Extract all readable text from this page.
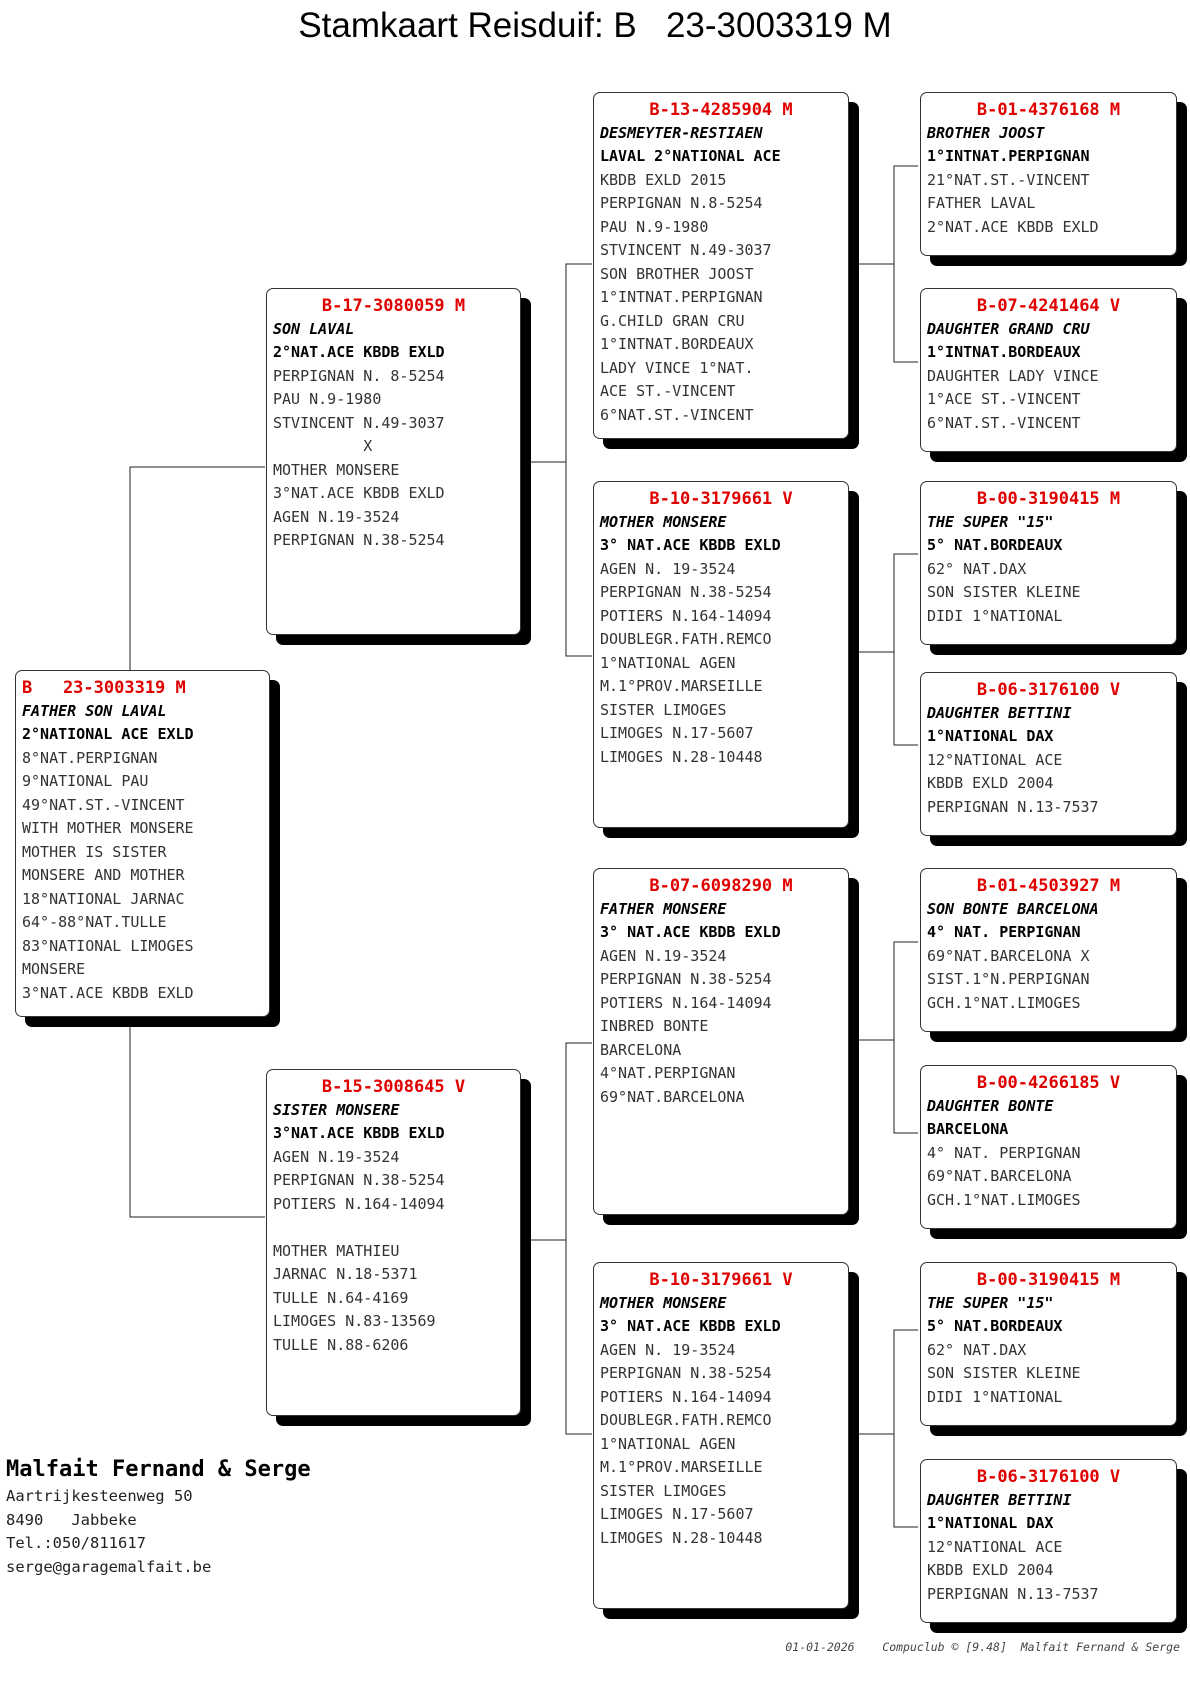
Stamkaart Reisduif: B   23-3003319 M
B   23-3003319 M
FATHER SON LAVAL
2°NATIONAL ACE EXLD
8°NAT.PERPIGNAN
9°NATIONAL PAU
49°NAT.ST.-VINCENT
WITH MOTHER MONSERE
MOTHER IS SISTER
MONSERE AND MOTHER
18°NATIONAL JARNAC
64°-88°NAT.TULLE
83°NATIONAL LIMOGES
MONSERE
3°NAT.ACE KBDB EXLD
B-17-3080059 M
SON LAVAL
2°NAT.ACE KBDB EXLD
PERPIGNAN N. 8-5254
PAU N.9-1980
STVINCENT N.49-3037
X
MOTHER MONSERE
3°NAT.ACE KBDB EXLD
AGEN N.19-3524
PERPIGNAN N.38-5254
B-15-3008645 V
SISTER MONSERE
3°NAT.ACE KBDB EXLD
AGEN N.19-3524
PERPIGNAN N.38-5254
POTIERS N.164-14094

MOTHER MATHIEU
JARNAC N.18-5371
TULLE N.64-4169
LIMOGES N.83-13569
TULLE N.88-6206
B-13-4285904 M
DESMEYTER-RESTIAEN
LAVAL 2°NATIONAL ACE
KBDB EXLD 2015
PERPIGNAN N.8-5254
PAU N.9-1980
STVINCENT N.49-3037
SON BROTHER JOOST
1°INTNAT.PERPIGNAN
G.CHILD GRAN CRU
1°INTNAT.BORDEAUX
LADY VINCE 1°NAT.
ACE ST.-VINCENT
6°NAT.ST.-VINCENT
B-10-3179661 V
MOTHER MONSERE
3° NAT.ACE KBDB EXLD
AGEN N. 19-3524
PERPIGNAN N.38-5254
POTIERS N.164-14094
DOUBLEGR.FATH.REMCO
1°NATIONAL AGEN
M.1°PROV.MARSEILLE
SISTER LIMOGES
LIMOGES N.17-5607
LIMOGES N.28-10448
B-07-6098290 M
FATHER MONSERE
3° NAT.ACE KBDB EXLD
AGEN N.19-3524
PERPIGNAN N.38-5254
POTIERS N.164-14094
INBRED BONTE
BARCELONA
4°NAT.PERPIGNAN
69°NAT.BARCELONA
B-10-3179661 V
MOTHER MONSERE
3° NAT.ACE KBDB EXLD
AGEN N. 19-3524
PERPIGNAN N.38-5254
POTIERS N.164-14094
DOUBLEGR.FATH.REMCO
1°NATIONAL AGEN
M.1°PROV.MARSEILLE
SISTER LIMOGES
LIMOGES N.17-5607
LIMOGES N.28-10448
B-01-4376168 M
BROTHER JOOST
1°INTNAT.PERPIGNAN
21°NAT.ST.-VINCENT
FATHER LAVAL
2°NAT.ACE KBDB EXLD
B-07-4241464 V
DAUGHTER GRAND CRU
1°INTNAT.BORDEAUX
DAUGHTER LADY VINCE
1°ACE ST.-VINCENT
6°NAT.ST.-VINCENT
B-00-3190415 M
THE SUPER "15"
5° NAT.BORDEAUX
62° NAT.DAX
SON SISTER KLEINE
DIDI 1°NATIONAL
B-06-3176100 V
DAUGHTER BETTINI
1°NATIONAL DAX
12°NATIONAL ACE
KBDB EXLD 2004
PERPIGNAN N.13-7537
B-01-4503927 M
SON BONTE BARCELONA
4° NAT. PERPIGNAN
69°NAT.BARCELONA X
SIST.1°N.PERPIGNAN
GCH.1°NAT.LIMOGES
B-00-4266185 V
DAUGHTER BONTE
BARCELONA
4° NAT. PERPIGNAN
69°NAT.BARCELONA
GCH.1°NAT.LIMOGES
B-00-3190415 M
THE SUPER "15"
5° NAT.BORDEAUX
62° NAT.DAX
SON SISTER KLEINE
DIDI 1°NATIONAL
B-06-3176100 V
DAUGHTER BETTINI
1°NATIONAL DAX
12°NATIONAL ACE
KBDB EXLD 2004
PERPIGNAN N.13-7537
Malfait Fernand & Serge
Aartrijkesteenweg 50
8490   Jabbeke
Tel.:050/811617
serge@garagemalfait.be
01-01-2026    Compuclub © [9.48]  Malfait Fernand & Serge
